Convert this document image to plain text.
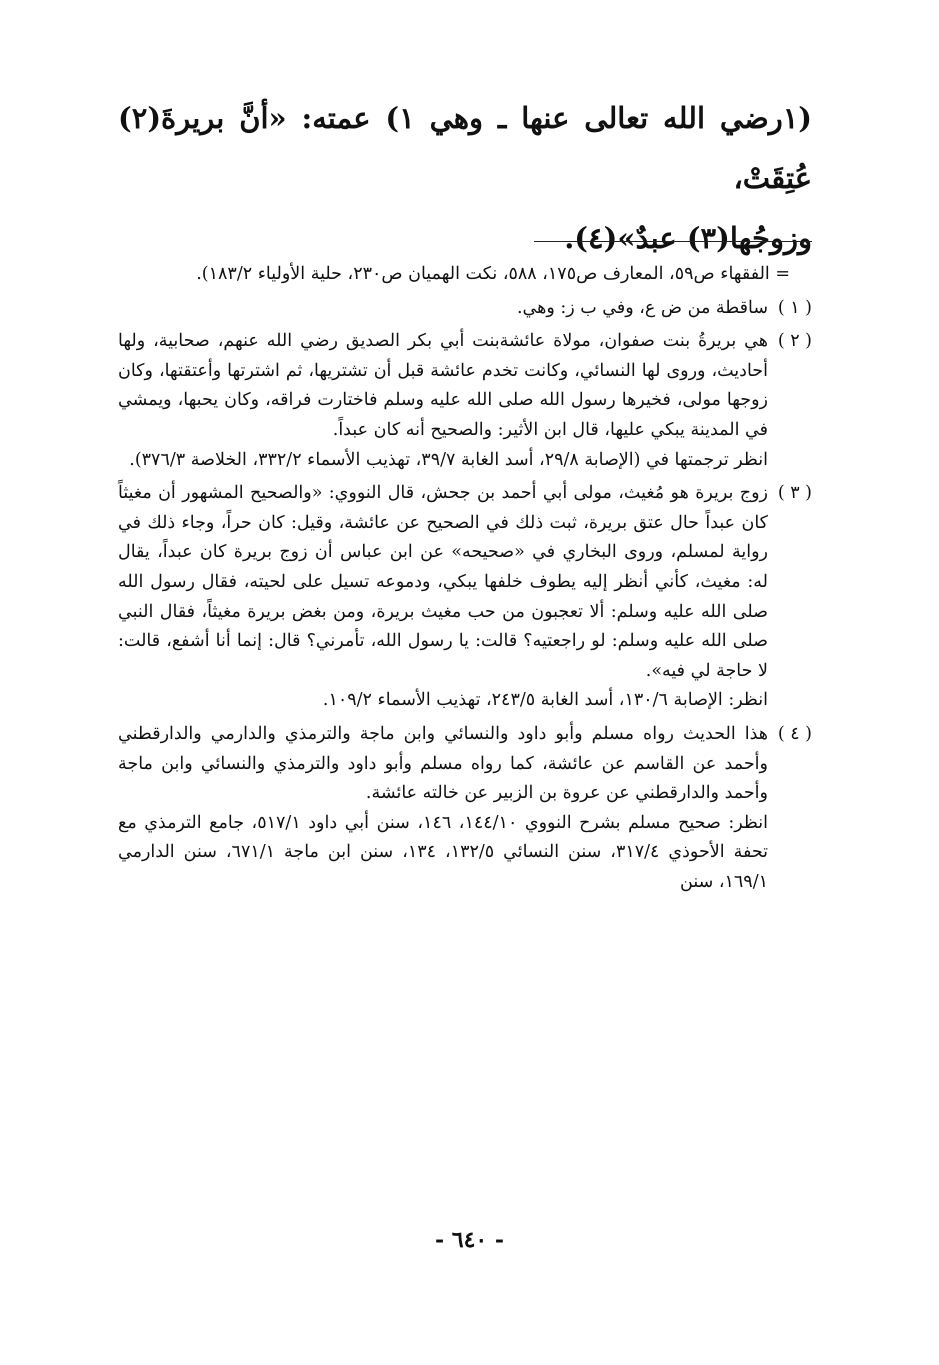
(١رضي الله تعالى عنها ـ وهي ١) عمته: «أنَّ بريرةَ(٢) عُتِقَتْ،
وزوجُها(٣) عبدٌ»(٤).

= الفقهاء ص٥٩، المعارف ص١٧٥، ٥٨٨، نكت الهميان ص٢٣٠، حلية الأولياء ١٨٣/٢).

( ١ )

ساقطة من ض ع، وفي ب ز: وهي.

( ٢ )

هي بريرةُ بنت صفوان، مولاة عائشةبنت أبي بكر الصديق رضي الله عنهم، صحابية، ولها أحاديث، وروى لها النسائي، وكانت تخدم عائشة قبل أن تشتريها، ثم اشترتها وأعتقتها، وكان زوجها مولى، فخيرها رسول الله صلى الله عليه وسلم فاختارت فراقه، وكان يحبها، ويمشي في المدينة يبكي عليها، قال ابن الأثير: والصحيح أنه كان عبداً.

انظر ترجمتها في (الإصابة ٢٩/٨، أسد الغابة ٣٩/٧، تهذيب الأسماء ٣٣٢/٢، الخلاصة ٣٧٦/٣).

( ٣ )

زوج بريرة هو مُغيث، مولى أبي أحمد بن جحش، قال النووي: «والصحيح المشهور أن مغيثاً كان عبداً حال عتق بريرة، ثبت ذلك في الصحيح عن عائشة، وقيل: كان حراً، وجاء ذلك في رواية لمسلم، وروى البخاري في «صحيحه» عن ابن عباس أن زوج بريرة كان عبداً، يقال له: مغيث، كأني أنظر إليه يطوف خلفها يبكي، ودموعه تسيل على لحيته، فقال رسول الله صلى الله عليه وسلم: ألا تعجبون من حب مغيث بريرة، ومن بغض بريرة مغيثاً، فقال النبي صلى الله عليه وسلم: لو راجعتيه؟ قالت: يا رسول الله، تأمرني؟ قال: إنما أنا أشفع، قالت: لا حاجة لي فيه».

انظر: الإصابة ١٣٠/٦، أسد الغابة ٢٤٣/٥، تهذيب الأسماء ١٠٩/٢.

( ٤ )

هذا الحديث رواه مسلم وأبو داود والنسائي وابن ماجة والترمذي والدارمي والدارقطني وأحمد عن القاسم عن عائشة، كما رواه مسلم وأبو داود والترمذي والنسائي وابن ماجة وأحمد والدارقطني عن عروة بن الزبير عن خالته عائشة.

انظر: صحيح مسلم بشرح النووي ١٤٤/١٠، ١٤٦، سنن أبي داود ٥١٧/١، جامع الترمذي مع تحفة الأحوذي ٣١٧/٤، سنن النسائي ١٣٢/٥، ١٣٤، سنن ابن ماجة ٦٧١/١، سنن الدارمي ١٦٩/١، سنن

- ٦٤٠ -
